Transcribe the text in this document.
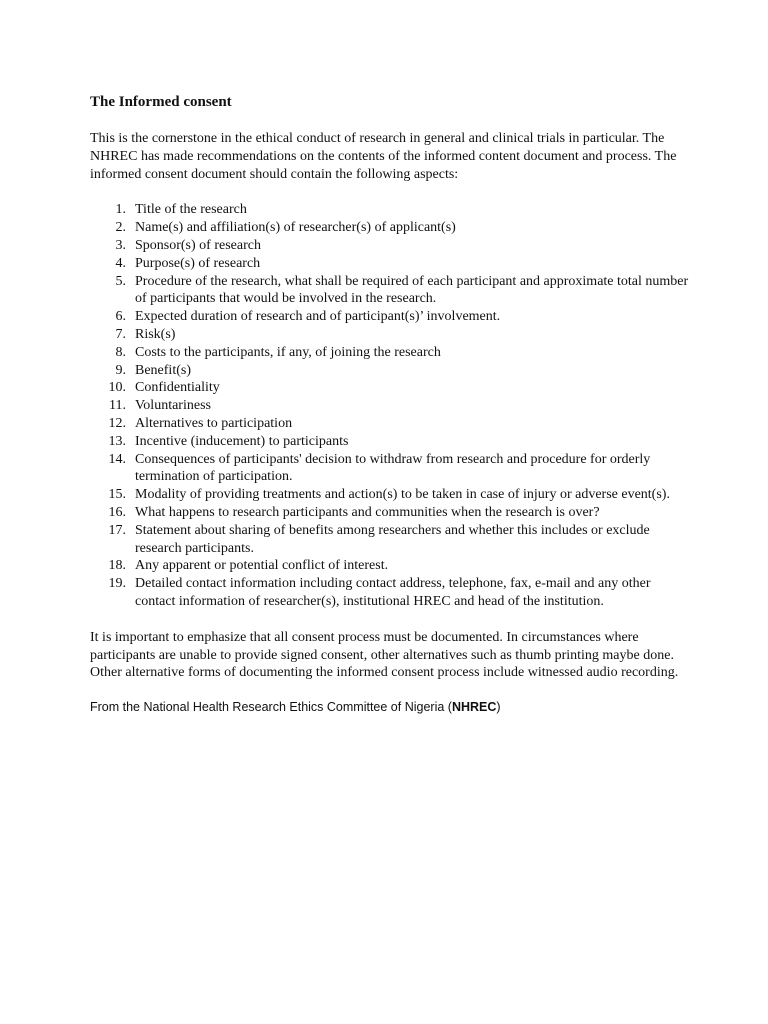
The Informed consent

This is the cornerstone in the ethical conduct of research in general and clinical trials in particular. The NHREC has made recommendations on the contents of the informed content document and process. The informed consent document should contain the following aspects:

1. Title of the research
2. Name(s) and affiliation(s) of researcher(s) of applicant(s)
3. Sponsor(s) of research
4. Purpose(s) of research
5. Procedure of the research, what shall be required of each participant and approximate total number of participants that would be involved in the research.
6. Expected duration of research and of participant(s)’ involvement.
7. Risk(s)
8. Costs to the participants, if any, of joining the research
9. Benefit(s)
10. Confidentiality
11. Voluntariness
12. Alternatives to participation
13. Incentive (inducement) to participants
14. Consequences of participants' decision to withdraw from research and procedure for orderly termination of participation.
15. Modality of providing treatments and action(s) to be taken in case of injury or adverse event(s).
16. What happens to research participants and communities when the research is over?
17. Statement about sharing of benefits among researchers and whether this includes or exclude research participants.
18. Any apparent or potential conflict of interest.
19. Detailed contact information including contact address, telephone, fax, e-mail and any other contact information of researcher(s), institutional HREC and head of the institution.

It is important to emphasize that all consent process must be documented. In circumstances where participants are unable to provide signed consent, other alternatives such as thumb printing maybe done. Other alternative forms of documenting the informed consent process include witnessed audio recording.

From the National Health Research Ethics Committee of Nigeria (NHREC)
